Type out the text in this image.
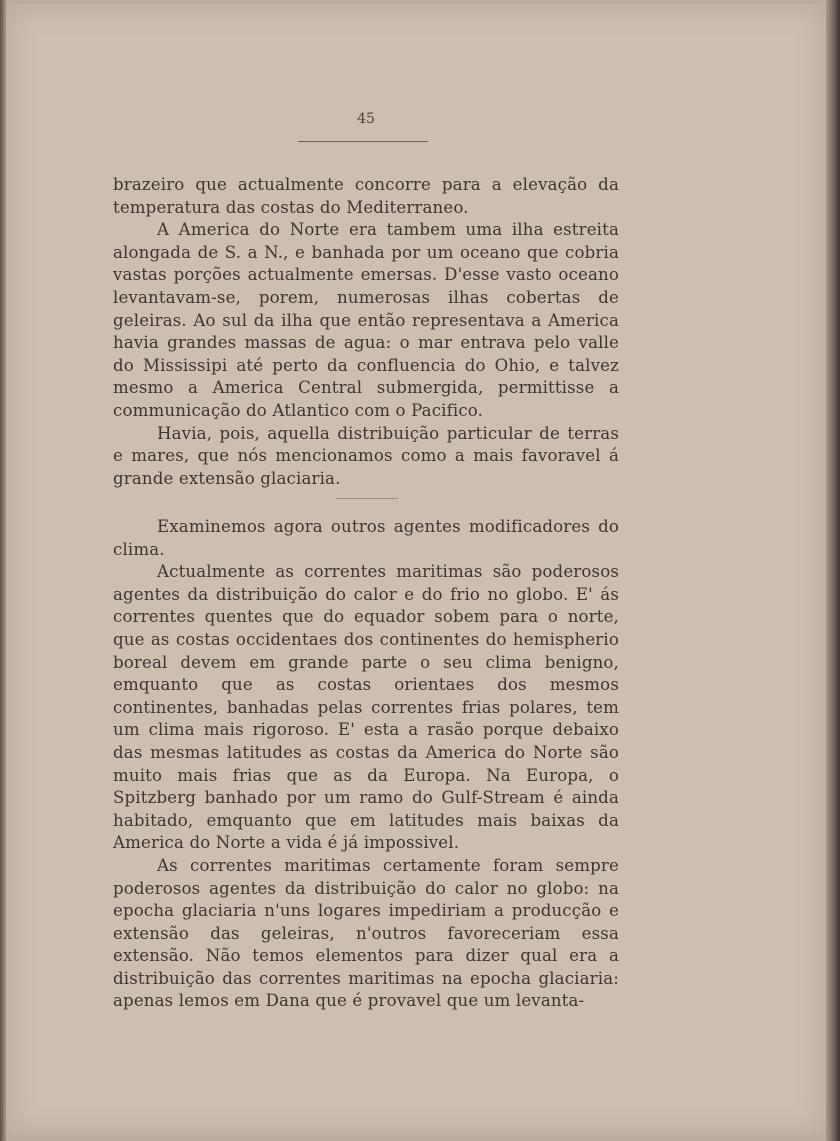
45

brazeiro que actualmente concorre para a elevação da temperatura das costas do Mediterraneo.

A America do Norte era tambem uma ilha estreita alongada de S. a N., e banhada por um oceano que cobria vastas porções actualmente emersas. D'esse vasto oceano levantavam-se, porem, numerosas ilhas cobertas de geleiras. Ao sul da ilha que então representava a America havia grandes massas de agua: o mar entrava pelo valle do Mississipi até perto da confluencia do Ohio, e talvez mesmo a America Central submergida, permittisse a communicação do Atlantico com o Pacifico.

Havia, pois, aquella distribuição particular de terras e mares, que nós mencionamos como a mais favoravel á grande extensão glaciaria.

Examinemos agora outros agentes modificadores do clima.

Actualmente as correntes maritimas são poderosos agentes da distribuição do calor e do frio no globo. E' ás correntes quentes que do equador sobem para o norte, que as costas occidentaes dos continentes do hemispherio boreal devem em grande parte o seu clima benigno, emquanto que as costas orientaes dos mesmos continentes, banhadas pelas correntes frias polares, tem um clima mais rigoroso. E' esta a rasão porque debaixo das mesmas latitudes as costas da America do Norte são muito mais frias que as da Europa. Na Europa, o Spitzberg banhado por um ramo do Gulf-Stream é ainda habitado, emquanto que em latitudes mais baixas da America do Norte a vida é já impossivel.

As correntes maritimas certamente foram sempre poderosos agentes da distribuição do calor no globo: na epocha glaciaria n'uns logares impediriam a producção e extensão das geleiras, n'outros favoreceriam essa extensão. Não temos elementos para dizer qual era a distribuição das correntes maritimas na epocha glaciaria: apenas lemos em Dana que é provavel que um levanta-
